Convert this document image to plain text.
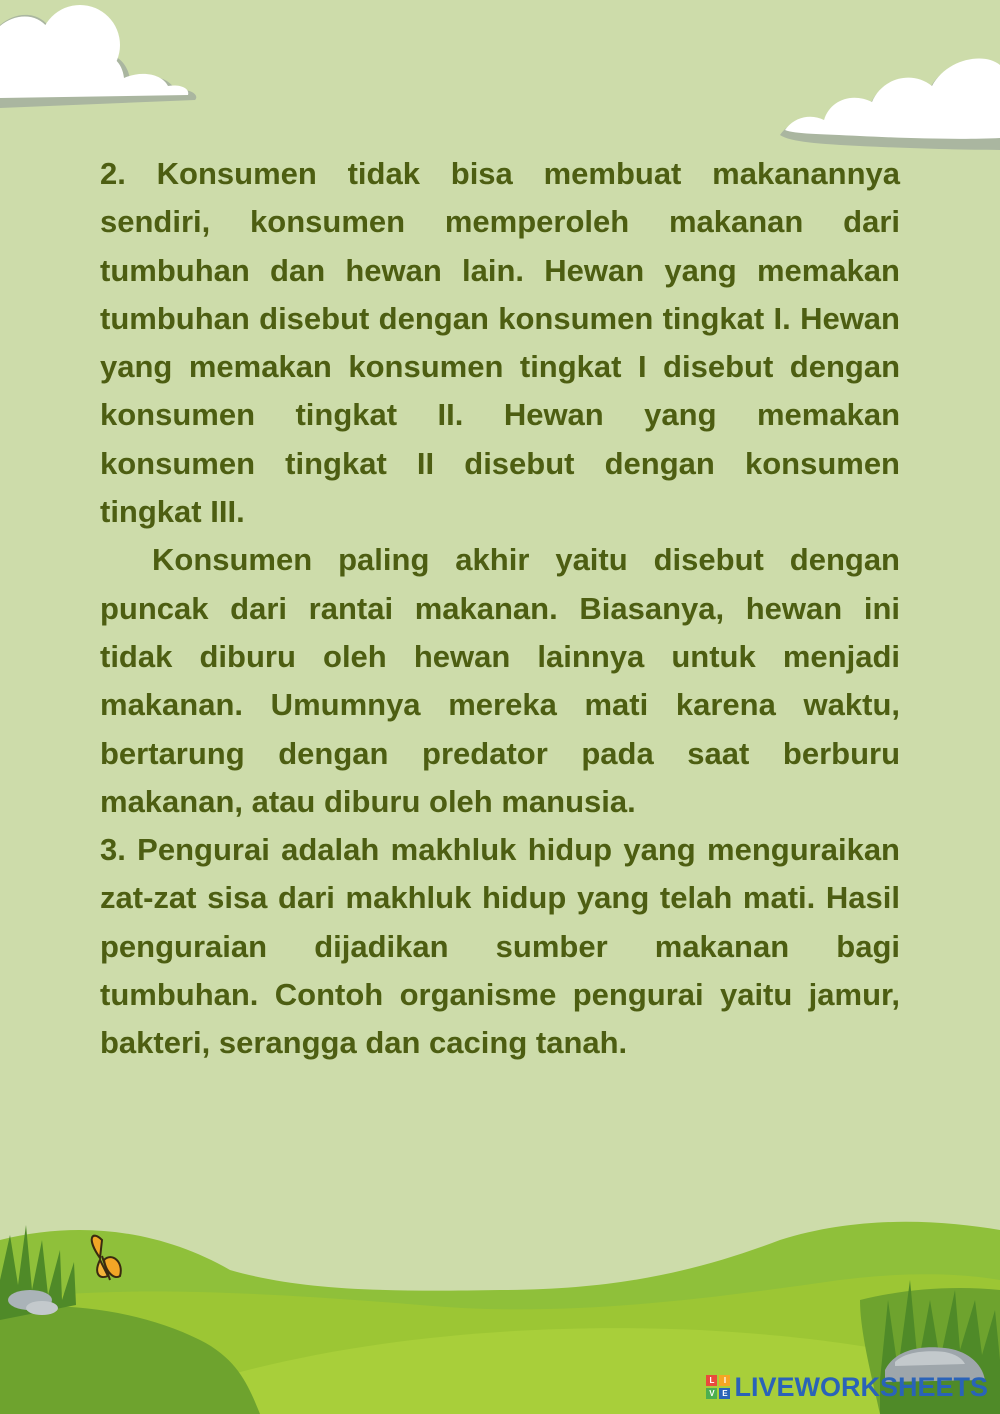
2. Konsumen tidak bisa membuat makanannya sendiri, konsumen memperoleh makanan dari tumbuhan dan hewan lain. Hewan yang memakan tumbuhan disebut dengan konsumen tingkat I. Hewan yang memakan konsumen tingkat I disebut dengan konsumen tingkat II. Hewan yang memakan konsumen tingkat II disebut dengan konsumen tingkat III.

Konsumen paling akhir yaitu disebut dengan puncak dari rantai makanan. Biasanya, hewan ini tidak diburu oleh hewan lainnya untuk menjadi makanan. Umumnya mereka mati karena waktu, bertarung dengan predator pada saat berburu makanan, atau diburu oleh manusia.

3. Pengurai adalah makhluk hidup yang menguraikan zat-zat sisa dari makhluk hidup yang telah mati. Hasil penguraian dijadikan sumber makanan bagi tumbuhan. Contoh organisme pengurai yaitu jamur, bakteri, serangga dan cacing tanah.

L	I
V E LIVEWORKSHEETS
